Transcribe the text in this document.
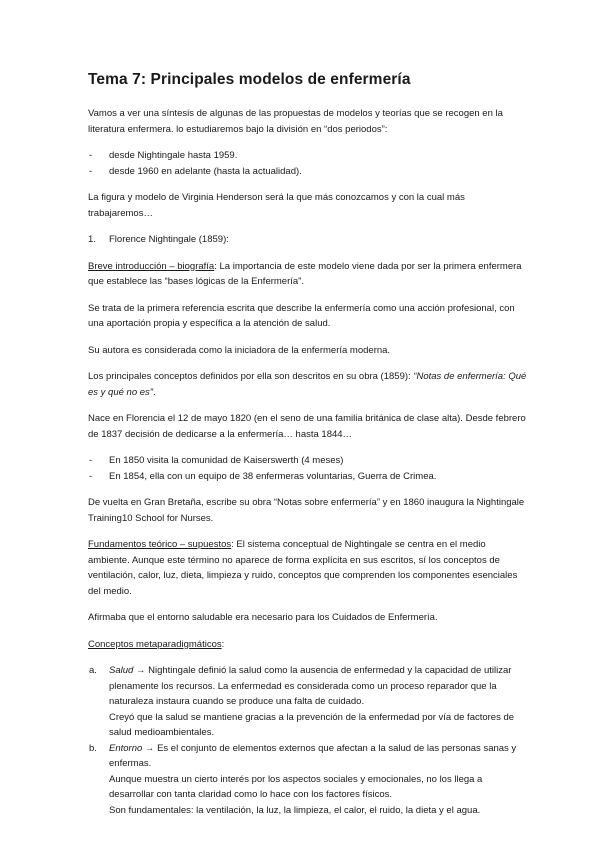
Tema 7: Principales modelos de enfermería

Vamos a ver una síntesis de algunas de las propuestas de modelos y teorías que se recogen en la literatura enfermera. lo estudiaremos bajo la división en “dos periodos”:

- desde Nightingale hasta 1959.
- desde 1960 en adelante (hasta la actualidad).

La figura y modelo de Virginia Henderson será la que más conozcamos y con la cual más trabajaremos…

1. Florence Nightingale (1859):

Breve introducción – biografía: La importancia de este modelo viene dada por ser la primera enfermera que establece las “bases lógicas de la Enfermería”.

Se trata de la primera referencia escrita que describe la enfermería como una acción profesional, con una aportación propia y específica a la atención de salud.

Su autora es considerada como la iniciadora de la enfermería moderna.

Los principales conceptos definidos por ella son descritos en su obra (1859): “Notas de enfermería: Qué es y qué no es”.

Nace en Florencia el 12 de mayo 1820 (en el seno de una familia británica de clase alta). Desde febrero de 1837 decisión de dedicarse a la enfermería… hasta 1844…

- En 1850 visita la comunidad de Kaiserswerth (4 meses)
- En 1854, ella con un equipo de 38 enfermeras voluntarias, Guerra de Crimea.

De vuelta en Gran Bretaña, escribe su obra “Notas sobre enfermería” y en 1860 inaugura la Nightingale Training10 School for Nurses.

Fundamentos teórico – supuestos: El sistema conceptual de Nightingale se centra en el medio ambiente. Aunque este término no aparece de forma explícita en sus escritos, sí los conceptos de ventilación, calor, luz, dieta, limpieza y ruido, conceptos que comprenden los componentes esenciales del medio.

Afirmaba que el entorno saludable era necesario para los Cuidados de Enfermería.

Conceptos metaparadigmáticos:

a. Salud → Nightingale definió la salud como la ausencia de enfermedad y la capacidad de utilizar plenamente los recursos. La enfermedad es considerada como un proceso reparador que la naturaleza instaura cuando se produce una falta de cuidado.
Creyó que la salud se mantiene gracias a la prevención de la enfermedad por vía de factores de salud medioambientales.
b. Entorno → Es el conjunto de elementos externos que afectan a la salud de las personas sanas y enfermas.
Aunque muestra un cierto interés por los aspectos sociales y emocionales, no los llega a desarrollar con tanta claridad como lo hace con los factores físicos.
Son fundamentales: la ventilación, la luz, la limpieza, el calor, el ruido, la dieta y el agua.
